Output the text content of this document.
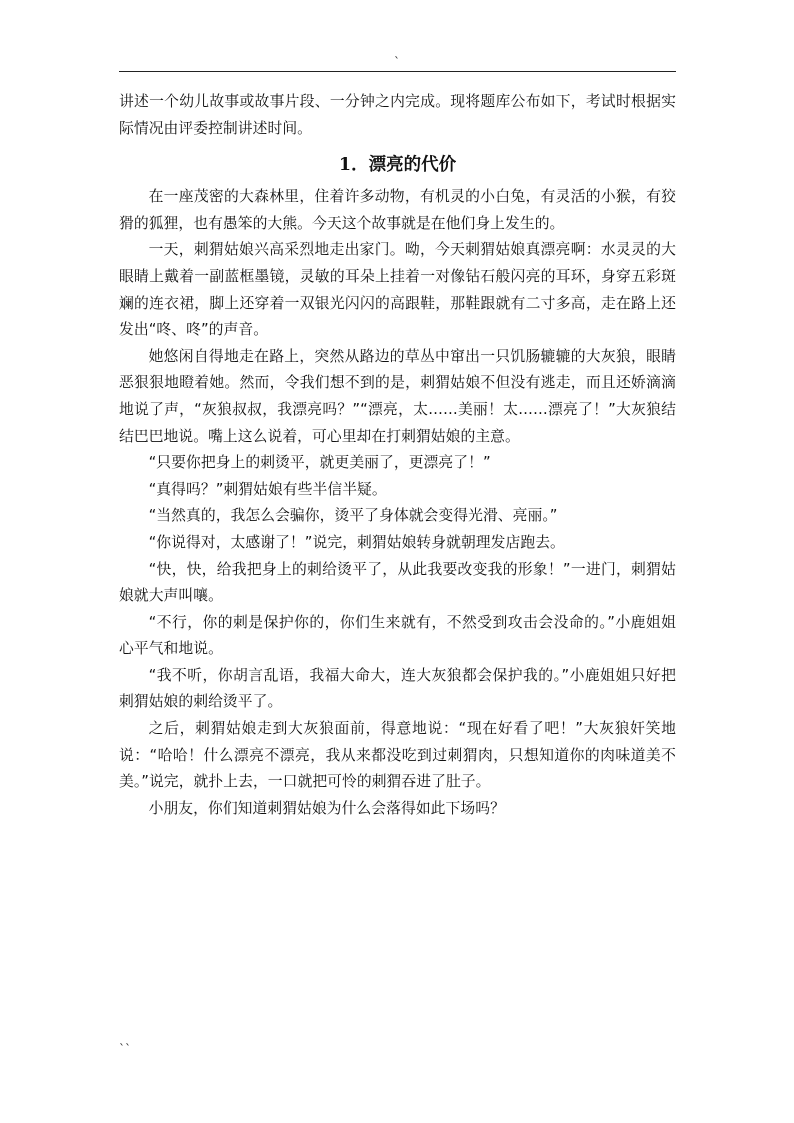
`

讲述一个幼儿故事或故事片段、一分钟之内完成。现将题库公布如下，考试时根据实际情况由评委控制讲述时间。

1．漂亮的代价

在一座茂密的大森林里，住着许多动物，有机灵的小白兔，有灵活的小猴，有狡猾的狐狸，也有愚笨的大熊。今天这个故事就是在他们身上发生的。

一天，刺猬姑娘兴高采烈地走出家门。呦，今天刺猬姑娘真漂亮啊：水灵灵的大眼睛上戴着一副蓝框墨镜，灵敏的耳朵上挂着一对像钻石般闪亮的耳环，身穿五彩斑斓的连衣裙，脚上还穿着一双银光闪闪的高跟鞋，那鞋跟就有二寸多高，走在路上还发出“咚、咚”的声音。

她悠闲自得地走在路上，突然从路边的草丛中窜出一只饥肠辘辘的大灰狼，眼睛恶狠狠地瞪着她。然而，令我们想不到的是，刺猬姑娘不但没有逃走，而且还娇滴滴地说了声，“灰狼叔叔，我漂亮吗？”“漂亮，太……美丽！太……漂亮了！”大灰狼结结巴巴地说。嘴上这么说着，可心里却在打刺猬姑娘的主意。

“只要你把身上的刺烫平，就更美丽了，更漂亮了！”

“真得吗？”刺猬姑娘有些半信半疑。

“当然真的，我怎么会骗你，烫平了身体就会变得光滑、亮丽。”

“你说得对，太感谢了！”说完，刺猬姑娘转身就朝理发店跑去。

“快，快，给我把身上的刺给烫平了，从此我要改变我的形象！”一进门，刺猬姑娘就大声叫嚷。

“不行，你的刺是保护你的，你们生来就有，不然受到攻击会没命的。”小鹿姐姐心平气和地说。

“我不听，你胡言乱语，我福大命大，连大灰狼都会保护我的。”小鹿姐姐只好把刺猬姑娘的刺给烫平了。

之后，刺猬姑娘走到大灰狼面前，得意地说：“现在好看了吧！”大灰狼奸笑地说：“哈哈！什么漂亮不漂亮，我从来都没吃到过刺猬肉，只想知道你的肉味道美不美。”说完，就扑上去，一口就把可怜的刺猬吞进了肚子。

小朋友，你们知道刺猬姑娘为什么会落得如此下场吗？

``
